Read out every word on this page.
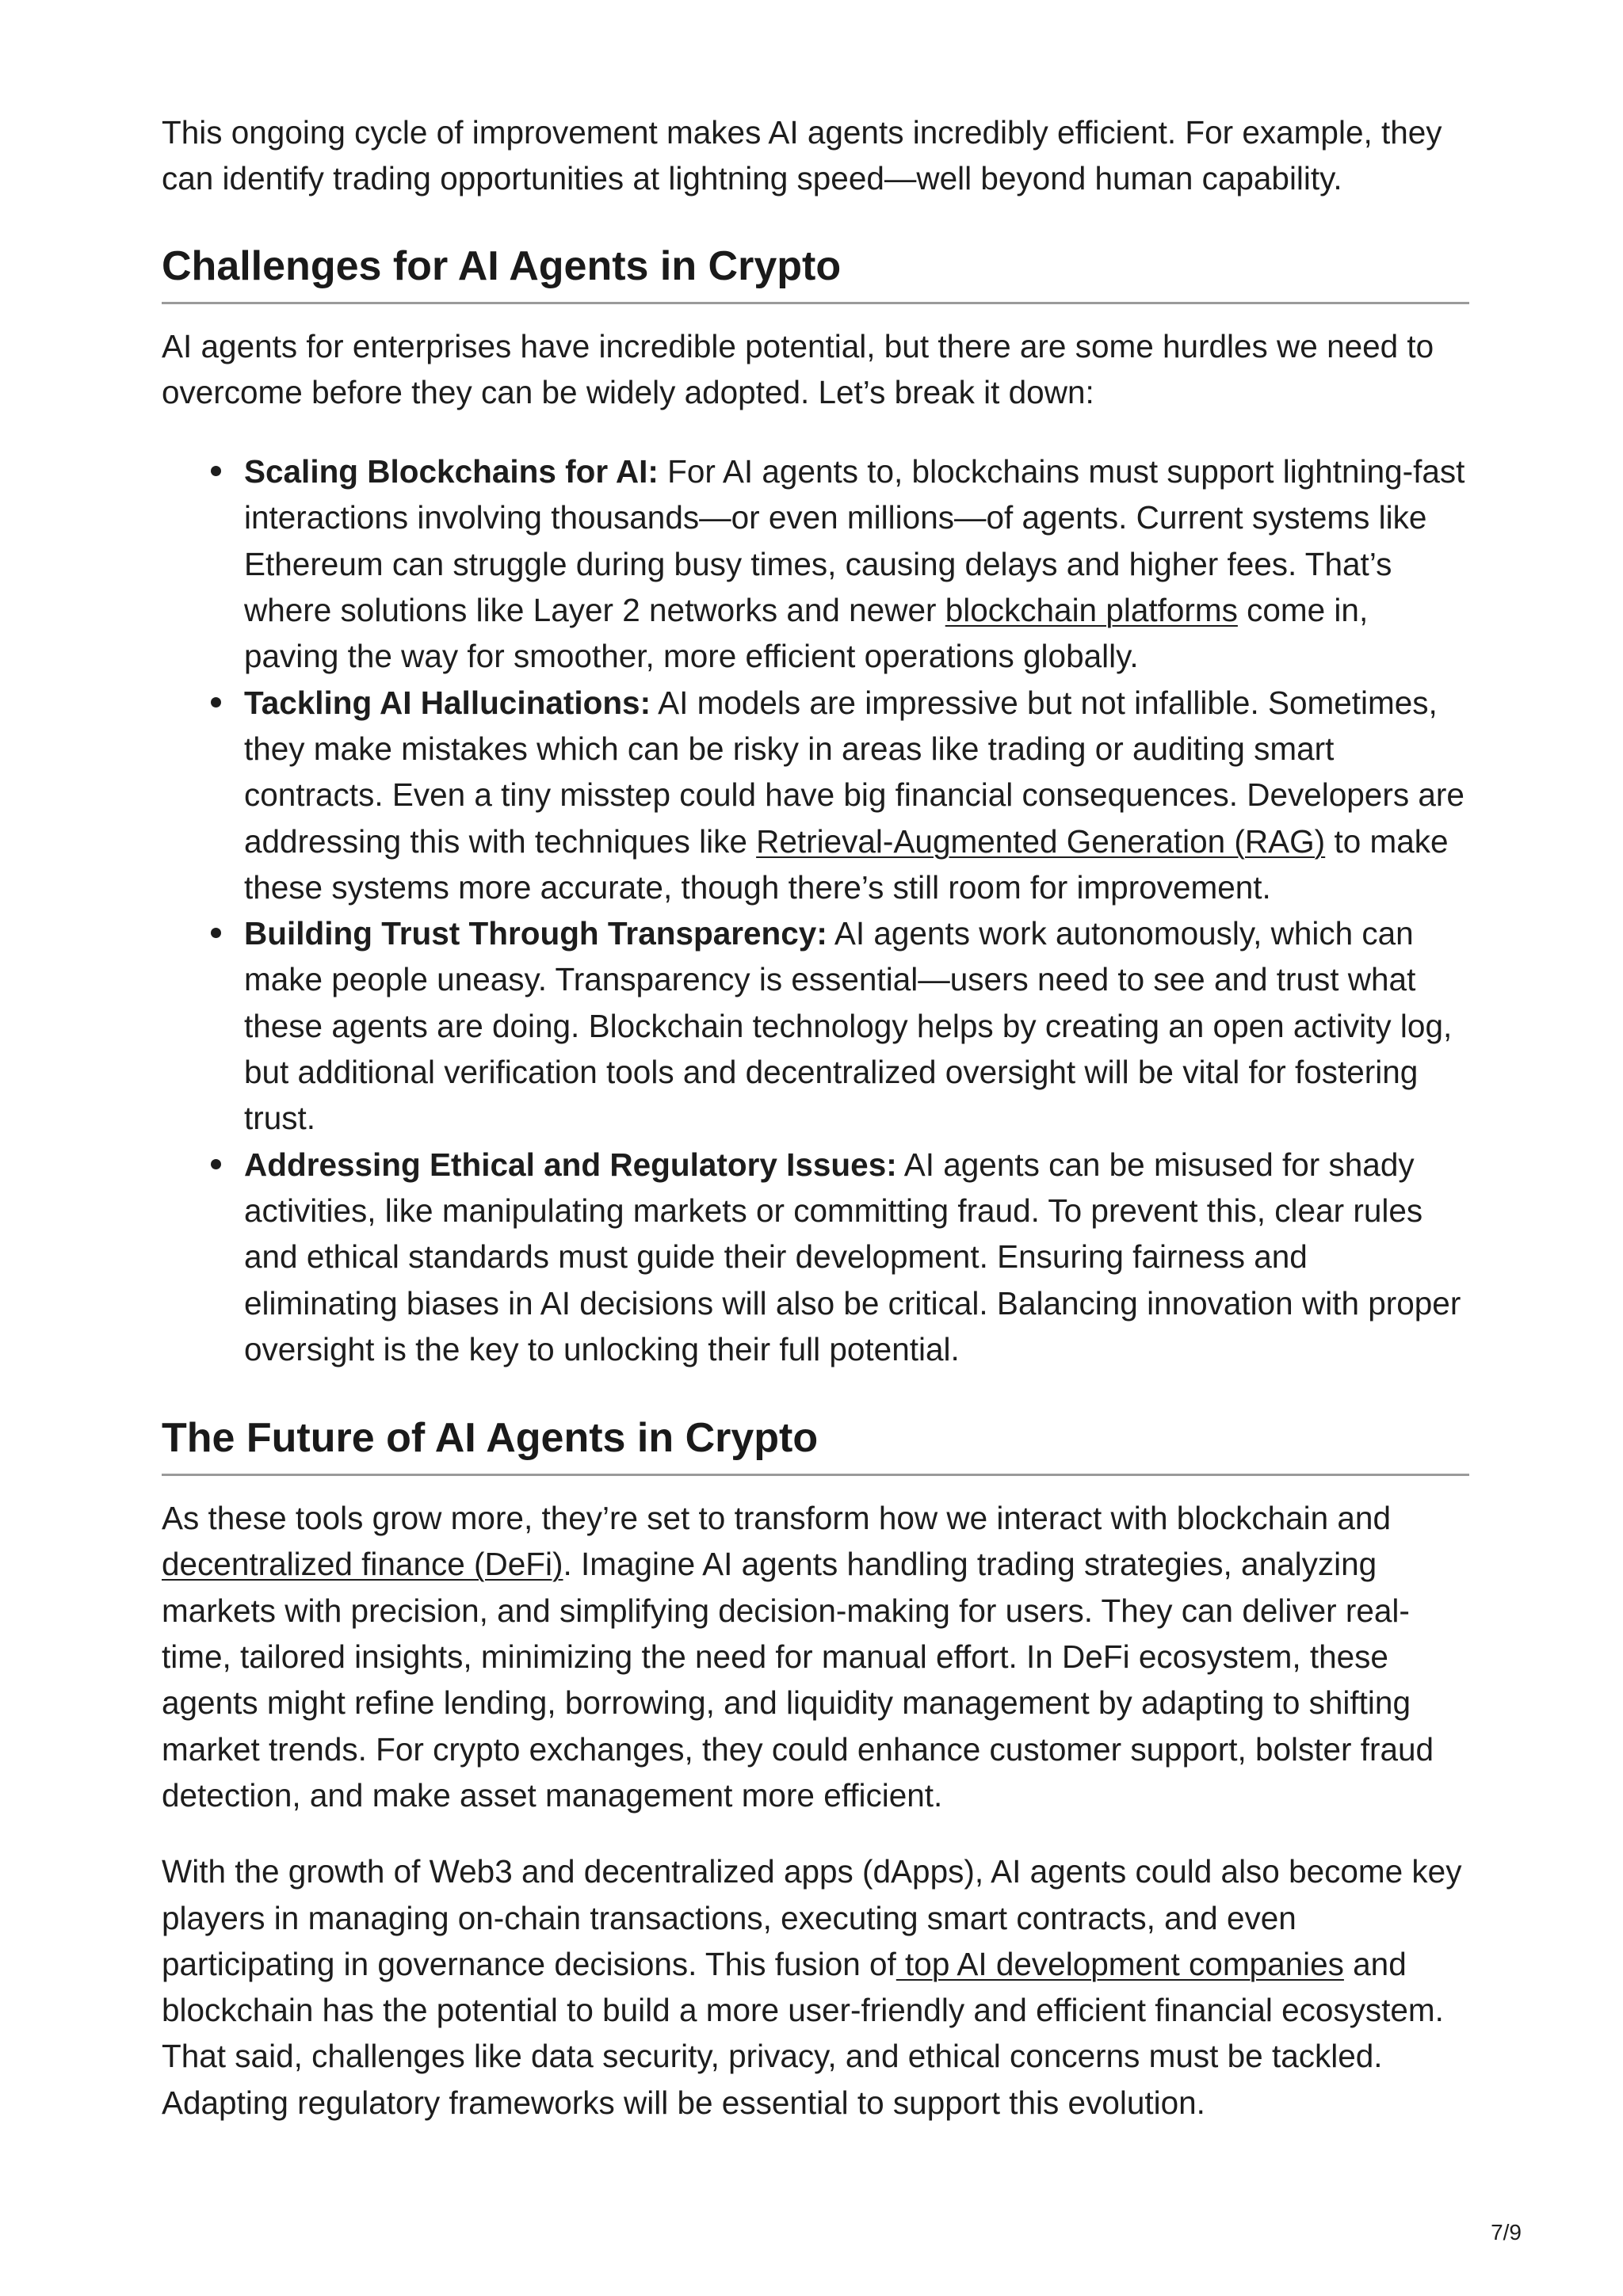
This ongoing cycle of improvement makes AI agents incredibly efficient. For example, they can identify trading opportunities at lightning speed—well beyond human capability.

Challenges for AI Agents in Crypto

AI agents for enterprises have incredible potential, but there are some hurdles we need to overcome before they can be widely adopted. Let’s break it down:

Scaling Blockchains for AI: For AI agents to, blockchains must support lightning-fast interactions involving thousands—or even millions—of agents. Current systems like Ethereum can struggle during busy times, causing delays and higher fees. That’s where solutions like Layer 2 networks and newer blockchain platforms come in, paving the way for smoother, more efficient operations globally.
Tackling AI Hallucinations: AI models are impressive but not infallible. Sometimes, they make mistakes which can be risky in areas like trading or auditing smart contracts. Even a tiny misstep could have big financial consequences. Developers are addressing this with techniques like Retrieval-Augmented Generation (RAG) to make these systems more accurate, though there’s still room for improvement.
Building Trust Through Transparency: AI agents work autonomously, which can make people uneasy. Transparency is essential—users need to see and trust what these agents are doing. Blockchain technology helps by creating an open activity log, but additional verification tools and decentralized oversight will be vital for fostering trust.
Addressing Ethical and Regulatory Issues: AI agents can be misused for shady activities, like manipulating markets or committing fraud. To prevent this, clear rules and ethical standards must guide their development. Ensuring fairness and eliminating biases in AI decisions will also be critical. Balancing innovation with proper oversight is the key to unlocking their full potential.
The Future of AI Agents in Crypto

As these tools grow more, they’re set to transform how we interact with blockchain and decentralized finance (DeFi). Imagine AI agents handling trading strategies, analyzing markets with precision, and simplifying decision-making for users. They can deliver real-time, tailored insights, minimizing the need for manual effort. In DeFi ecosystem, these agents might refine lending, borrowing, and liquidity management by adapting to shifting market trends. For crypto exchanges, they could enhance customer support, bolster fraud detection, and make asset management more efficient.

With the growth of Web3 and decentralized apps (dApps), AI agents could also become key players in managing on-chain transactions, executing smart contracts, and even participating in governance decisions. This fusion of top AI development companies and blockchain has the potential to build a more user-friendly and efficient financial ecosystem. That said, challenges like data security, privacy, and ethical concerns must be tackled. Adapting regulatory frameworks will be essential to support this evolution.

7/9
